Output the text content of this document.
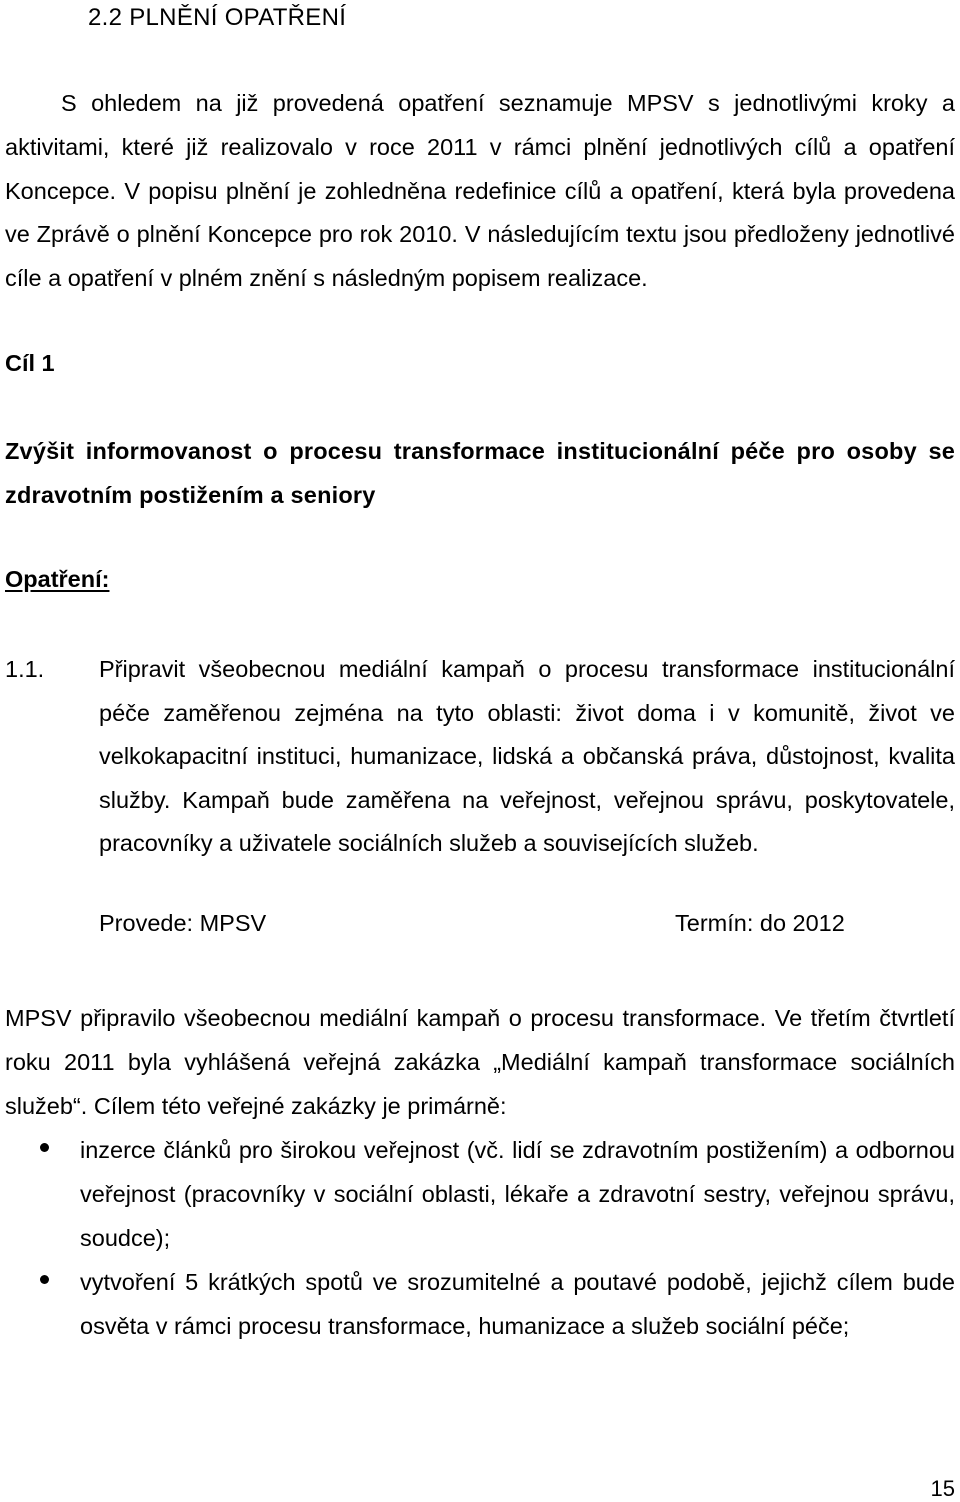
2.2 PLNĚNÍ OPATŘENÍ

S ohledem na již provedená opatření seznamuje MPSV s jednotlivými kroky a aktivitami, které již realizovalo v roce 2011 v rámci plnění jednotlivých cílů a opatření Koncepce. V popisu plnění je zohledněna redefinice cílů a opatření, která byla provedena ve Zprávě o plnění Koncepce pro rok 2010. V následujícím textu jsou předloženy jednotlivé cíle a opatření v plném znění s následným popisem realizace.

Cíl 1
Zvýšit informovanost o procesu transformace institucionální péče pro osoby se zdravotním postižením a seniory
Opatření:
1.1. Připravit všeobecnou mediální kampaň o procesu transformace institucionální péče zaměřenou zejména na tyto oblasti: život doma i v komunitě, život ve velkokapacitní instituci, humanizace, lidská a občanská práva, důstojnost, kvalita služby. Kampaň bude zaměřena na veřejnost, veřejnou správu, poskytovatele, pracovníky a uživatele sociálních služeb a souvisejících služeb.
Provede: MPSV	Termín: do 2012

MPSV připravilo všeobecnou mediální kampaň o procesu transformace. Ve třetím čtvrtletí roku 2011 byla vyhlášená veřejná zakázka „Mediální kampaň transformace sociálních služeb“. Cílem této veřejné zakázky je primárně:

inzerce článků pro širokou veřejnost (vč. lidí se zdravotním postižením) a odbornou veřejnost (pracovníky v sociální oblasti, lékaře a zdravotní sestry, veřejnou správu, soudce);
vytvoření 5 krátkých spotů ve srozumitelné a poutavé podobě, jejichž cílem bude osvěta v rámci procesu transformace, humanizace a služeb sociální péče;
15
